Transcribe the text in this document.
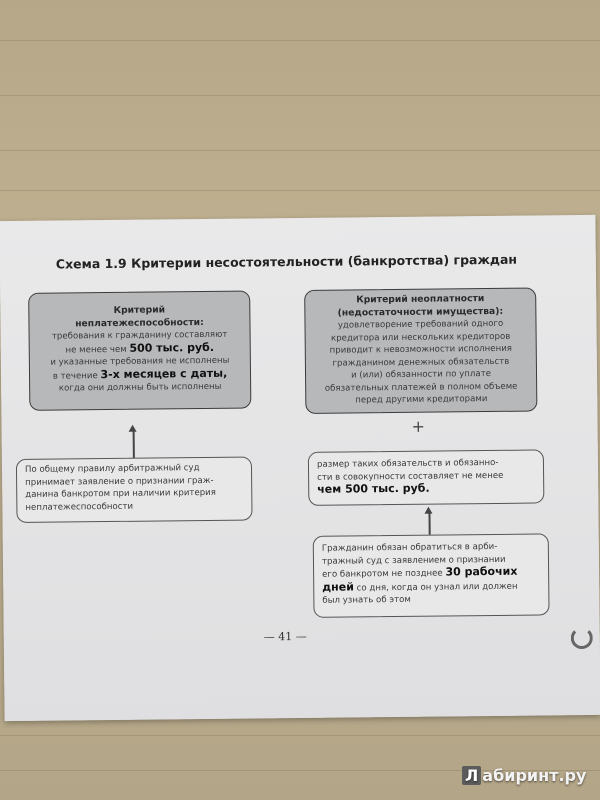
Схема 1.9 Критерии несостоятельности (банкротства) граждан
Критерий
неплатежеспособности:
требования к гражданину составляют
не менее чем 500 тыс. руб.
и указанные требования не исполнены
в течение 3-х месяцев с даты,
когда они должны быть исполнены
Критерий неоплатности
(недостаточности имущества):
удовлетворение требований одного
кредитора или нескольких кредиторов
приводит к невозможности исполнения
гражданином денежных обязательств
и (или) обязанности по уплате
обязательных платежей в полном объеме
перед другими кредиторами
+
По общему правилу арбитражный суд
принимает заявление о признании граж-
данина банкротом при наличии критерия
неплатежеспособности
размер таких обязательств и обязанно-
сти в совокупности составляет не менее
чем 500 тыс. руб.
Гражданин обязан обратиться в арби-
тражный суд с заявлением о признании
его банкротом не позднее 30 рабочих
дней со дня, когда он узнал или должен
был узнать об этом
— 41 —
Л абиринт.ру
